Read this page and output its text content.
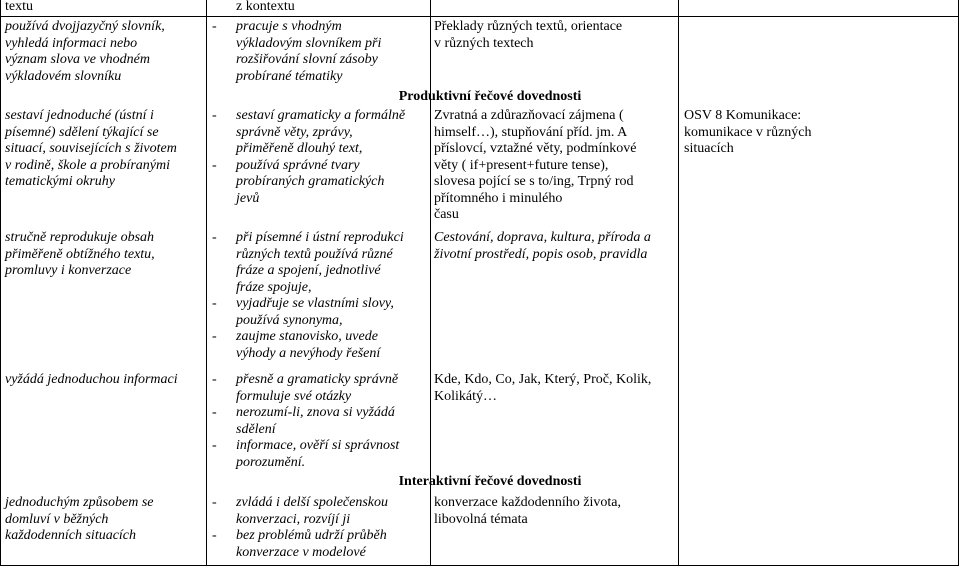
textu	z kontextu
používá dvojjazyčný slovník,
vyhledá informaci nebo
význam slova ve vhodném
výkladovém slovníku
- pracuje s vhodným
výkladovým slovníkem při
rozšiřování slovní zásoby
probírané tématiky
Překlady různých textů, orientace
v různých textech
Produktivní řečové dovednosti
sestaví jednoduché (ústní i
písemné) sdělení týkající se
situací, souvisejících s životem
v rodině, škole a probíranými
tematickými okruhy
- sestaví gramaticky a formálně
správně věty, zprávy,
přiměřeně dlouhý text,
- používá správné tvary
probíraných gramatických
jevů
Zvratná a zdůrazňovací zájmena (
himself…), stupňování příd. jm. A
příslovcí, vztažné věty, podmínkové
věty ( if+present+future tense),
slovesa pojící se s to/ing, Trpný rod
přítomného i minulého
času
OSV 8 Komunikace:
komunikace v různých
situacích
stručně reprodukuje obsah
přiměřeně obtížného textu,
promluvy i konverzace
- při písemné i ústní reprodukci
různých textů používá různé
fráze a spojení, jednotlivé
fráze spojuje,
- vyjadřuje se vlastními slovy,
používá synonyma,
- zaujme stanovisko, uvede
výhody a nevýhody řešení
Cestování, doprava, kultura, příroda a
životní prostředí, popis osob, pravidla
vyžádá jednoduchou informaci
-	přesně a gramaticky správně
formuluje své otázky
- nerozumí-li, znova si vyžádá
sdělení
- informace, ověří si správnost
porozumění.
Kde, Kdo, Co, Jak, Který, Proč, Kolik,
Kolikátý…
Interaktivní řečové dovednosti
jednoduchým způsobem se
domluví v běžných
každodenních situacích
- zvládá i delší společenskou
konverzaci, rozvíjí ji
- bez problémů udrží průběh
konverzace v modelové
konverzace každodenního života,
libovolná témata
